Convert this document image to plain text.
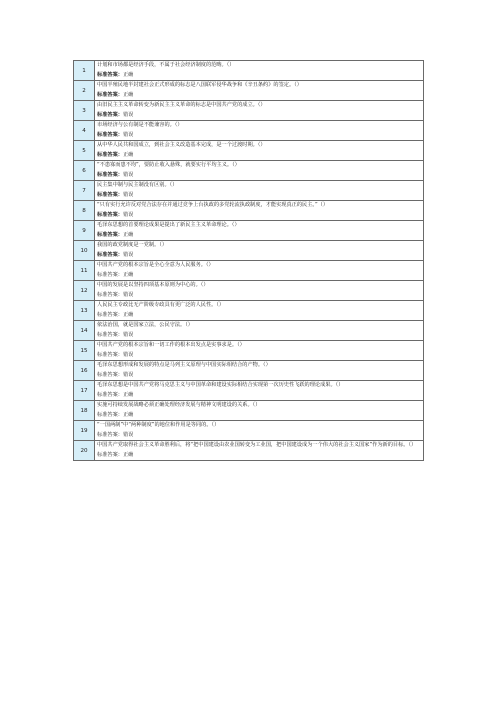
1	计划和市场都是经济手段，不属于社会经济制度的范畴。（）
标准答案：正确

2	中国半殖民地半封建社会正式形成的标志是八国联军侵华战争和《辛丑条约》的签定。（）
标准答案：正确

3	由旧民主主义革命转变为新民主主义革命的标志是中国共产党的成立。（）
标准答案：错误

4	市场经济与公有制是不能兼容的。（）
标准答案：错误

5	从中华人民共和国成立，到社会主义改造基本完成，是一个过渡时期。（）
标准答案：正确

6	“不患寡而患不均”，要防止收入悬殊，就要实行平均主义。（）
标准答案：错误

7	民主集中制与民主制没有区别。（）
标准答案：错误

8	“只有实行允许反对党合法存在并通过竞争上台执政的多党轮流执政制度，才能实现真正的民主。”（）
标准答案：错误

9	毛泽东思想的首要理论成果是提出了新民主主义革命理论。（）
标准答案：正确

10	我国的政党制度是一党制。（）
标准答案：错误

11	中国共产党的根本宗旨是全心全意为人民服务。（）
标准答案：正确

12	中国的发展是以坚持四项基本原则为中心的。（）
标准答案：错误

13	人民民主专政比无产阶级专政具有更广泛的人民性。（）
标准答案：正确

14	依法治国，就是国家立法，公民守法。（）
标准答案：错误

15	中国共产党的根本宗旨和一切工作的根本出发点是实事求是。（）
标准答案：错误

16	毛泽东思想形成和发展的特点是马列主义原理与中国实际相结合的产物。（）
标准答案：错误

17	毛泽东思想是中国共产党将马克思主义与中国革命和建设实际相结合实现第一次历史性飞跃的理论成果。（）
标准答案：正确

18	实施可持续发展战略必须正确处理经济发展与精神文明建设的关系。（）
标准答案：正确

19	“一国两制”中“两种制度”的地位和作用是等同的。（）
标准答案：错误

20	中国共产党取得社会主义革命胜利后，将“把中国建设由农业国转变为工业国，把中国建设成为一个伟大的社会主义国家”作为新的目标。（）
标准答案：正确
